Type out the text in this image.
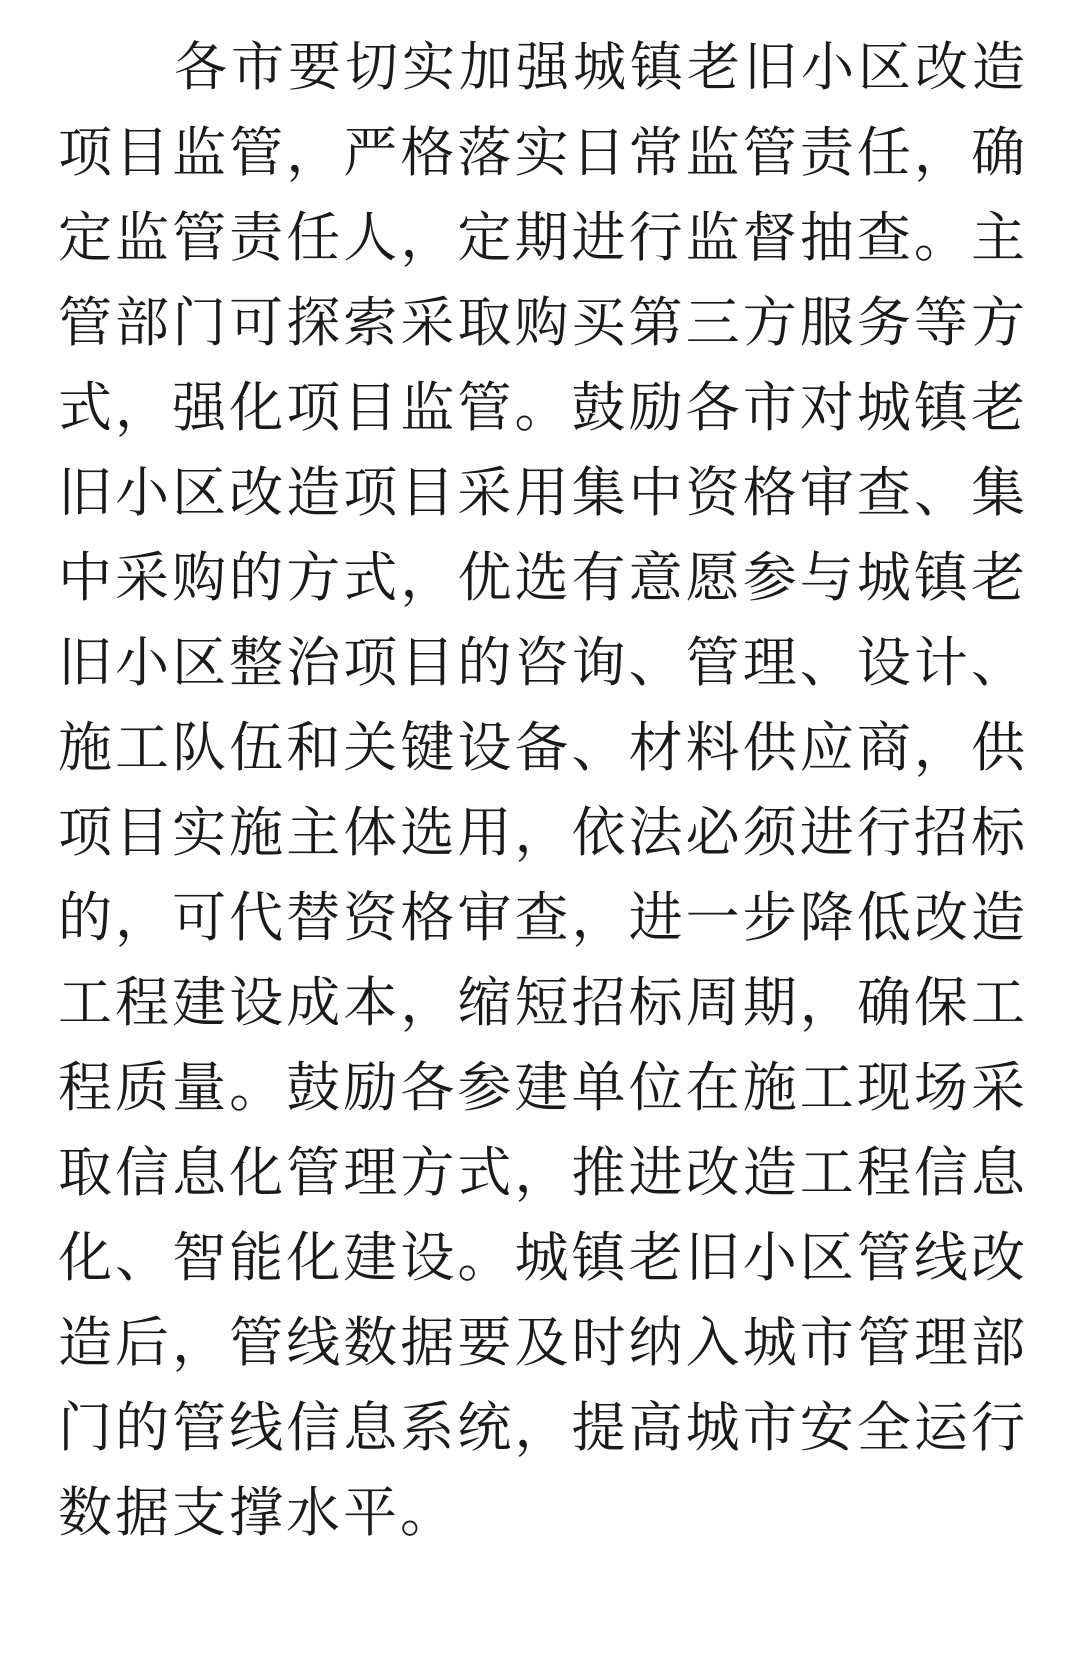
各市要切实加强城镇老旧小区改造
项目监管，严格落实日常监管责任，确
定监管责任人，定期进行监督抽查。主
管部门可探索采取购买第三方服务等方
式，强化项目监管。鼓励各市对城镇老
旧小区改造项目采用集中资格审查、集
中采购的方式，优选有意愿参与城镇老
旧小区整治项目的咨询、管理、设计、
施工队伍和关键设备、材料供应商，供
项目实施主体选用，依法必须进行招标
的，可代替资格审查，进一步降低改造
工程建设成本，缩短招标周期，确保工
程质量。鼓励各参建单位在施工现场采
取信息化管理方式，推进改造工程信息
化、智能化建设。城镇老旧小区管线改
造后，管线数据要及时纳入城市管理部
门的管线信息系统，提高城市安全运行
数据支撑水平。
